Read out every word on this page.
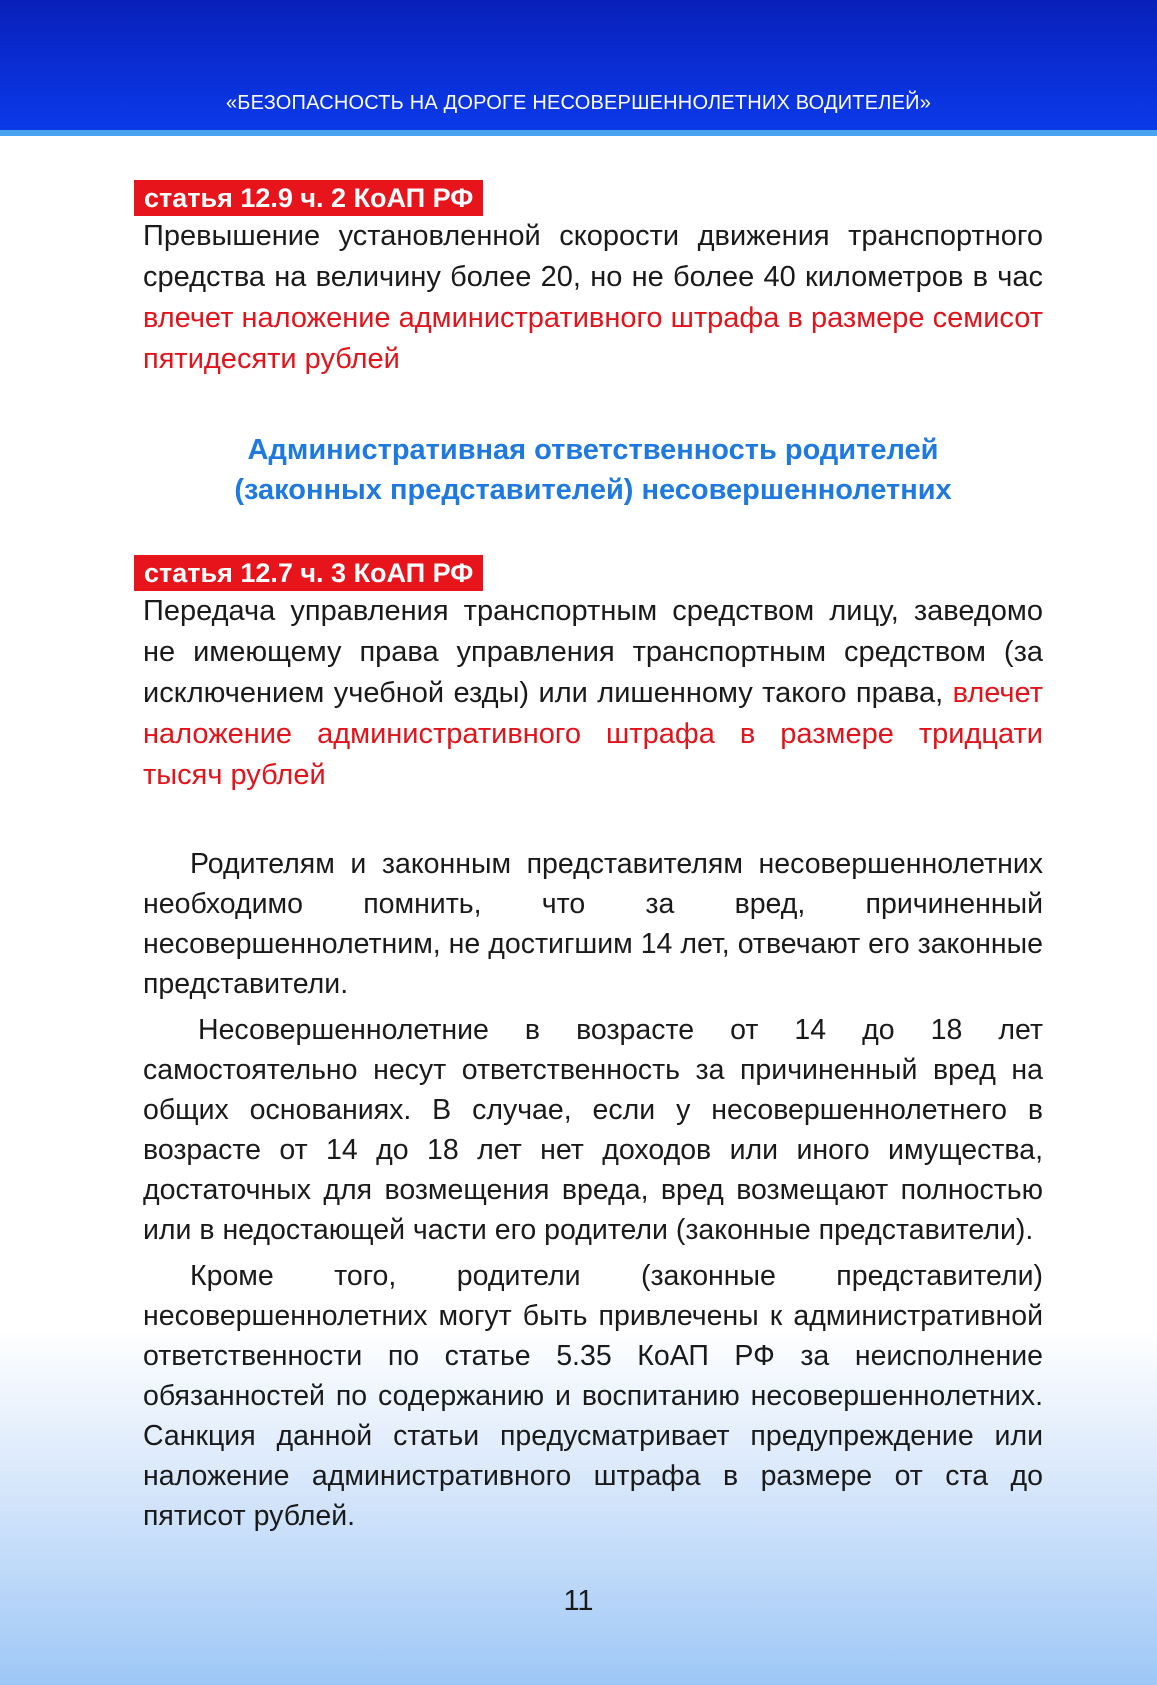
«БЕЗОПАСНОСТЬ НА ДОРОГЕ НЕСОВЕРШЕННОЛЕТНИХ ВОДИТЕЛЕЙ»
статья 12.9 ч. 2 КоАП РФ

Превышение установленной скорости движения транспортного средства на величину более 20, но не более 40 километров в час влечет наложение административного штрафа в размере семисот пятидесяти рублей

Административная ответственность родителей
(законных представителей) несовершеннолетних
статья 12.7 ч. 3 КоАП РФ

Передача управления транспортным средством лицу, заведомо не имеющему права управления транспортным средством (за исключением учебной езды) или лишенному такого права, влечет наложение административного штрафа в размере тридцати тысяч рублей

Родителям и законным представителям несовершеннолетних необходимо помнить, что за вред, причиненный несовершеннолетним, не достигшим 14 лет, отвечают его законные представители.

Несовершеннолетние в возрасте от 14 до 18 лет самостоятельно несут ответственность за причиненный вред на общих основаниях. В случае, если у несовершеннолетнего в возрасте от 14 до 18 лет нет доходов или иного имущества, достаточных для возмещения вреда, вред возмещают полностью или в недостающей части его родители (законные представители).

Кроме того, родители (законные представители) несовершеннолетних могут быть привлечены к административной ответственности по статье 5.35 КоАП РФ за неисполнение обязанностей по содержанию и воспитанию несовершеннолетних. Санкция данной статьи предусматривает предупреждение или наложение административного штрафа в размере от ста до пятисот рублей.

11
